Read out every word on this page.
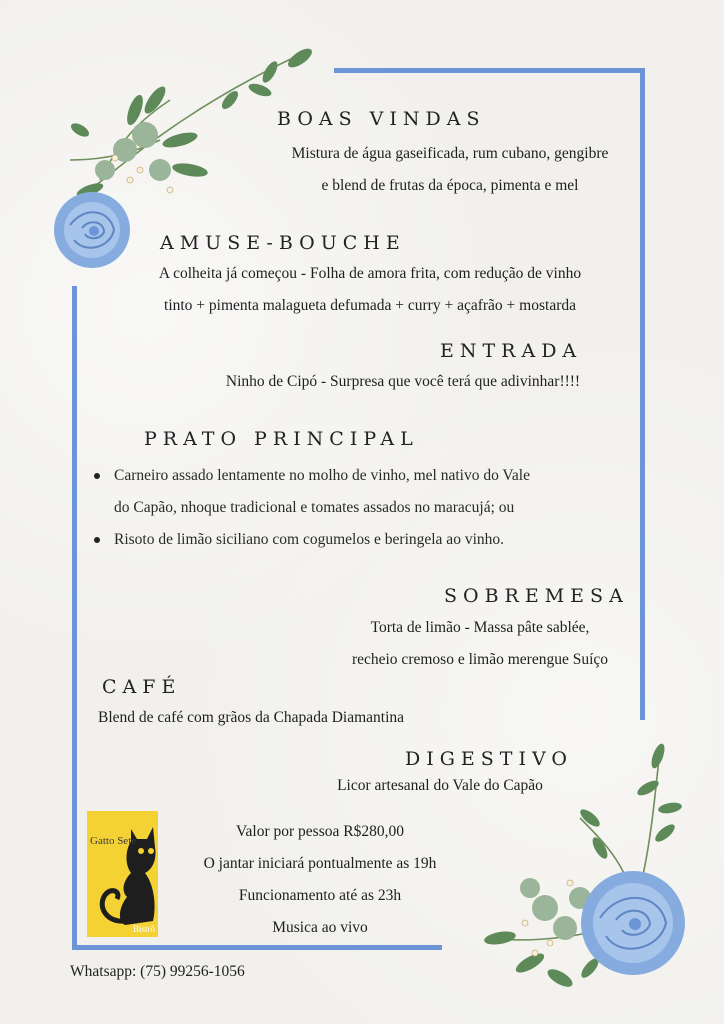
BOAS VINDAS
Mistura de água gaseificada, rum cubano, gengibre
e blend de frutas da época, pimenta e mel
AMUSE-BOUCHE
A colheita já começou - Folha de amora frita, com redução de vinho
tinto + pimenta malagueta defumada + curry + açafrão + mostarda
ENTRADA
Ninho de Cipó - Surpresa que você terá que adivinhar!!!!
PRATO PRINCIPAL
Carneiro assado lentamente no molho de vinho, mel nativo do Vale
do Capão, nhoque tradicional e tomates assados no maracujá; ou
Risoto de limão siciliano com cogumelos e beringela ao vinho.
SOBREMESA
Torta de limão - Massa pâte sablée,
recheio cremoso e limão merengue Suíço
CAFÉ
Blend de café com grãos da Chapada Diamantina
DIGESTIVO
Licor artesanal do Vale do Capão
Gatto Sete
Bistrô
Valor por pessoa R$280,00
O jantar iniciará pontualmente as 19h
Funcionamento até as 23h
Musica ao vivo
Whatsapp: (75) 99256-1056
